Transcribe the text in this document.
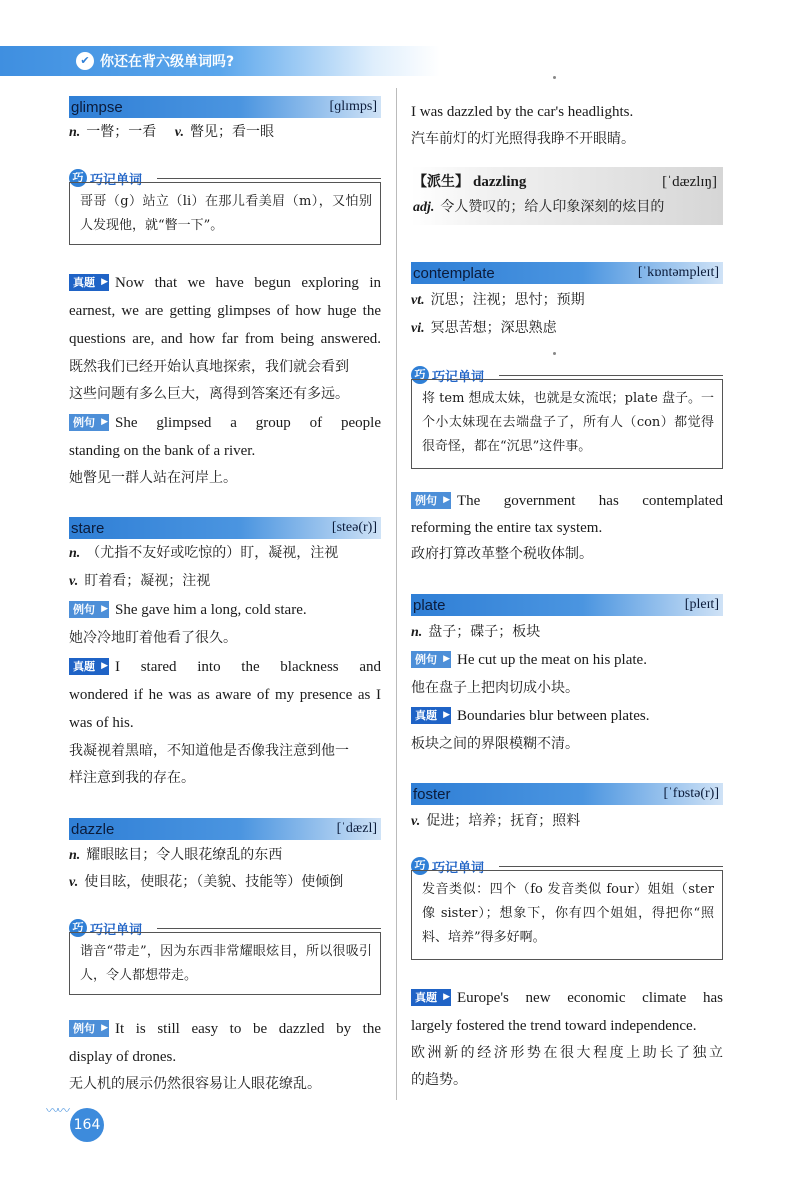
✔ 你还在背六级单词吗?
glimpse	[ɡlɪmps]
n. 一瞥；一看 v. 瞥见；看一眼
巧 巧记单词
哥哥（g）站立（li）在那儿看美眉（m），又怕别人发现他，就“瞥一下”。
真题 ▶ Now that we have begun exploring in
earnest, we are getting glimpses of how huge the
questions are, and how far from being answered.
既然我们已经开始认真地探索，我们就会看到
这些问题有多么巨大，离得到答案还有多远。
例句 ▶ She glimpsed a group of people
standing on the bank of a river.
她瞥见一群人站在河岸上。
stare	[steə(r)]
n. （尤指不友好或吃惊的）盯，凝视，注视
v. 盯着看；凝视；注视
例句 ▶ She gave him a long, cold stare.
她冷冷地盯着他看了很久。
真题 ▶ I stared into the blackness and
wondered if he was as aware of my presence as I
was of his.
我凝视着黑暗，不知道他是否像我注意到他一
样注意到我的存在。
dazzle	[ˈdæzl]
n. 耀眼眩目；令人眼花缭乱的东西
v. 使目眩，使眼花；（美貌、技能等）使倾倒
巧 巧记单词
谐音“带走”，因为东西非常耀眼炫目，所以很吸引人，令人都想带走。
例句 ▶ It is still easy to be dazzled by the
display of drones.
无人机的展示仍然很容易让人眼花缭乱。
I was dazzled by the car's headlights.
汽车前灯的灯光照得我睁不开眼睛。
contemplate	[ˈkɒntəmpleɪt]
vt. 沉思；注视；思忖；预期
vi. 冥思苦想；深思熟虑
巧 巧记单词
将 tem 想成太妹，也就是女流氓；plate 盘子。一个小太妹现在去端盘子了，所有人（con）都觉得很奇怪，都在“沉思”这件事。
例句 ▶ The government has contemplated
reforming the entire tax system.
政府打算改革整个税收体制。
plate	[pleɪt]
n. 盘子；碟子；板块
例句 ▶ He cut up the meat on his plate.
他在盘子上把肉切成小块。
真题 ▶ Boundaries blur between plates.
板块之间的界限模糊不清。
foster	[ˈfɒstə(r)]
v. 促进；培养；抚育；照料
巧 巧记单词
发音类似：四个（fo 发音类似 four）姐姐（ster 像 sister）；想象下，你有四个姐姐，得把你“照料、培养”得多好啊。
真题 ▶ Europe's new economic climate has
largely fostered the trend toward independence.
欧洲新的经济形势在很大程度上助长了独立
的趋势。
【派生】 dazzling	[ˈdæzlɪŋ]
adj. 令人赞叹的；给人印象深刻的炫目的
〰〰
164
